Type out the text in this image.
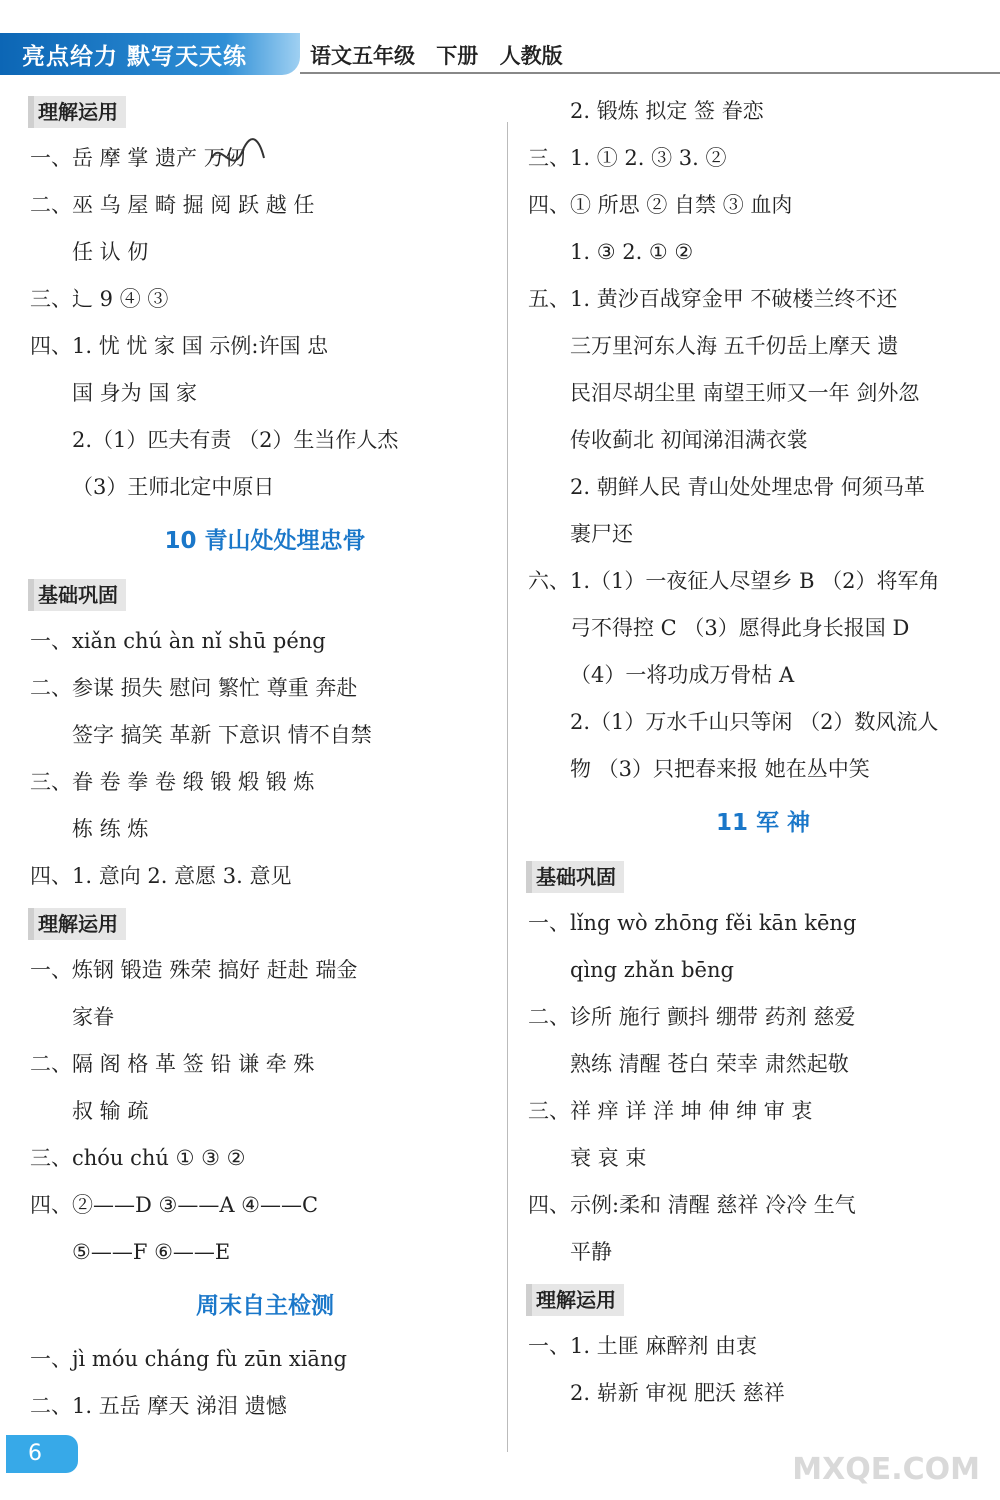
亮点给力 默写天天练	语文五年级 下册 人教版
理解运用
一、岳 摩 掌 遗产 万仞
二、巫 乌 屋 畸 掘 阅 跃 越 任
任 认 仞
三、辶 9 ④ ③
四、1. 忧 忧 家 国 示例:许国 忠
国 身为 国 家
2.（1）匹夫有责 （2）生当作人杰
（3）王师北定中原日
10 青山处处埋忠骨
基础巩固
一、xiǎn chú àn nǐ shū péng
二、参谋 损失 慰问 繁忙 尊重 奔赴
签字 搞笑 革新 下意识 情不自禁
三、眷 卷 拳 卷 缎 锻 煅 锻 炼
栋 练 炼
四、1. 意向 2. 意愿 3. 意见
理解运用
一、炼钢 锻造 殊荣 搞好 赶赴 瑞金
家眷
二、隔 阁 格 革 签 铅 谦 牵 殊
叔 输 疏
三、chóu chú ① ③ ②
四、②——D ③——A ④——C
⑤——F ⑥——E
周末自主检测
一、jì móu cháng fù zūn xiāng
二、1. 五岳 摩天 涕泪 遗憾
2. 锻炼 拟定 签 眷恋
三、1. ① 2. ③ 3. ②
四、① 所思 ② 自禁 ③ 血肉
1. ③ 2. ① ②
五、1. 黄沙百战穿金甲 不破楼兰终不还
三万里河东人海 五千仞岳上摩天 遗
民泪尽胡尘里 南望王师又一年 剑外忽
传收蓟北 初闻涕泪满衣裳
2. 朝鲜人民 青山处处埋忠骨 何须马革
裹尸还
六、1.（1）一夜征人尽望乡 B （2）将军角
弓不得控 C （3）愿得此身长报国 D
（4）一将功成万骨枯 A
2.（1）万水千山只等闲 （2）数风流人
物 （3）只把春来报 她在丛中笑
11 军 神
基础巩固
一、lǐng wò zhōng fěi kān kēng
qìng zhǎn bēng
二、诊所 施行 颤抖 绷带 药剂 慈爱
熟练 清醒 苍白 荣幸 肃然起敬
三、祥 痒 详 洋 坤 伸 绅 审 衷
衰 哀 束
四、示例:柔和 清醒 慈祥 冷冷 生气
平静
理解运用
一、1. 土匪 麻醉剂 由衷
2. 崭新 审视 肥沃 慈祥
6	MXQE.COM
